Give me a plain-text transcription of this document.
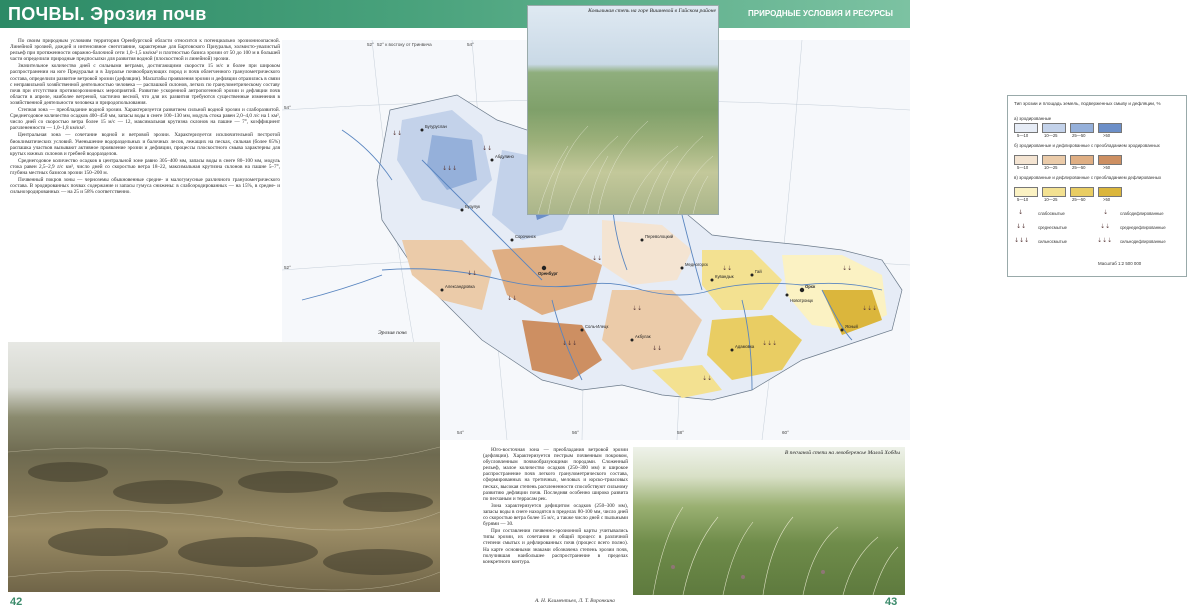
ПОЧВЫ. Эрозия почв	ПРИРОДНЫЕ УСЛОВИЯ И РЕСУРСЫ

По своим природным условиям территория Оренбургской области относится к потенциально эрозионноопасной. Линейной эрозией, дождей и интенсивное снеготаяние, характерные для Бартовского Приуралья, холмисто-увалистый рельеф при протяженности овражно-балочной сети 1,0–1,5 км/км² и плотностью базиса эрозии от 50 до 100 м в большей части определили природные предпосылки для развития водной (плоскостной и линейной) эрозии.

Значительное количество дней с сильными ветрами, достигающими скорости 15 м/с и более при широком распространении на юге Предуралья и в Зауралье почвообразующих пород и почв облегченного гранулометрического состава, определили развитие ветровой эрозии (дефляции). Масштабы проявления эрозии и дефляции отразились в связи с неправильной хозяйственной деятельностью человека — распашкой склонов, легких по гранулометрическому составу почв при отсутствии противоэрозионных мероприятий. Развитие ускоренной антропогенной эрозии и дефляции почв области в апреле, наиболее ветреной, частично весной, что для их развития требуются существенные изменения в хозяйственной деятельности человека и природопользования.

Степная зона — преобладание водной эрозии. Характеризуется развитием сильной водной эрозии и слаборазвитой. Среднегодовое количество осадков 400–450 мм, запасы воды в снеге 100–130 мм, модуль стока равен 2,0–4,0 л/с на 1 км², число дней со скоростью ветра более 15 м/с — 12, максимальная крутизна склонов на пашне — 7°, коэффициент расчлененности — 1,0–1,8 км/км².

Центральная зона — сочетание водной и ветровой эрозии. Характеризуется исключительной пестротой биоклиматических условий. Уменьшение водораздельных и балочных лесов, лежащих на песках, сильная (более 65%) распашка участков вызывают активное проявление эрозии и дефляции, процессы плоскостного смыва характерны для крутых южных склонов и гребней водоразделов.

Среднегодовое количество осадков в центральной зоне равно 305–400 мм, запасы воды в снеге 80–100 мм, модуль стока равен 2,5–2,9 л/с км², число дней со скоростью ветра 18–22, максимальная крутизна склонов на пашне 5–7°, глубина местных базисов эрозии 150–200 м.

Почвенный покров зоны — черноземы обыкновенные средне- и малогумусные различного гранулометрического состава. В эродированных почвах содержание и запасы гумуса снижены: в слабоэродированных — на 15%, в средне- и сильноэродированных — на 25 и 58% соответственно.

↓↓
↓↓↓
↓↓
↓↓
↓↓
⇣⇣
⇣⇣
↓↓
⇣⇣
⇣⇣⇣
⇣⇣
⇣⇣⇣
↓↓↓
⇣⇣
52° к востоку от Гринвича
52°	54°
54°	56°	58°	60°
54°
52°
Бугуруслан
Бузулук
Сорочинск
Оренбург
Орск
Новотроицк
Гай
Кувандык
Медногорск
Соль-Илецк
Акбулак
Ясный
Адамовка
Переволоцкий
Абдулино
Александровка
Тип эрозии и площадь земель, подверженных смыву и дефляции, %
а) эродированные
5—10	10—25	25—50	>50
б) эродированные и дефлированные с преобладанием эродированных
5—10	10—25	25—50	>50
в) эродированные и дефлированные с преобладанием дефлированных
5—10	10—25	25—50	>50
↓	слабосмытые	⇣	слабодефлированные
↓↓	среднесмытые	⇣⇣ среднедефлированные
↓↓↓ сильносмытые	⇣⇣⇣ сильнодефлированные
Масштаб 1:2 500 000
Ковыльная степь на горе Вишневой в Гайском районе
Эрозия почв

Юго-восточная зона — преобладания ветровой эрозии (дефляции). Характеризуется пестрым почвенным покровом, обусловленным почвообразующими породами. Сложенный рельеф, малое количество осадков (250–300 мм) и широкое распространение почв легкого гранулометрического состава, сформированных на третичных, меловых и юрско-триасовых песках, высокая степень расчлененности способствуют сильному развитию дефляции почв. Последняя особенно широко развита по песчаным и террасам рек.

Зона характеризуется дефицитом осадков (250–300 мм), запасы воды в снеге находятся в пределах 80-100 мм, число дней со скоростью ветра более 15 м/с, а также число дней с пыльными бурями — 30.

При составлении почвенно-эрозионной карты учитывались типы эрозии, их сочетания и общий процесс в различной степени смытых и дефлированных почв (процесс всего полно). На карте основными знаками обозначена степень эрозии почв, получившая наибольшее распространение в пределах конкретного контура.

А. Н. Климентьев, Л. Т. Воронкина
В песчаной степи на левобережье Малой Хобды
42	43
